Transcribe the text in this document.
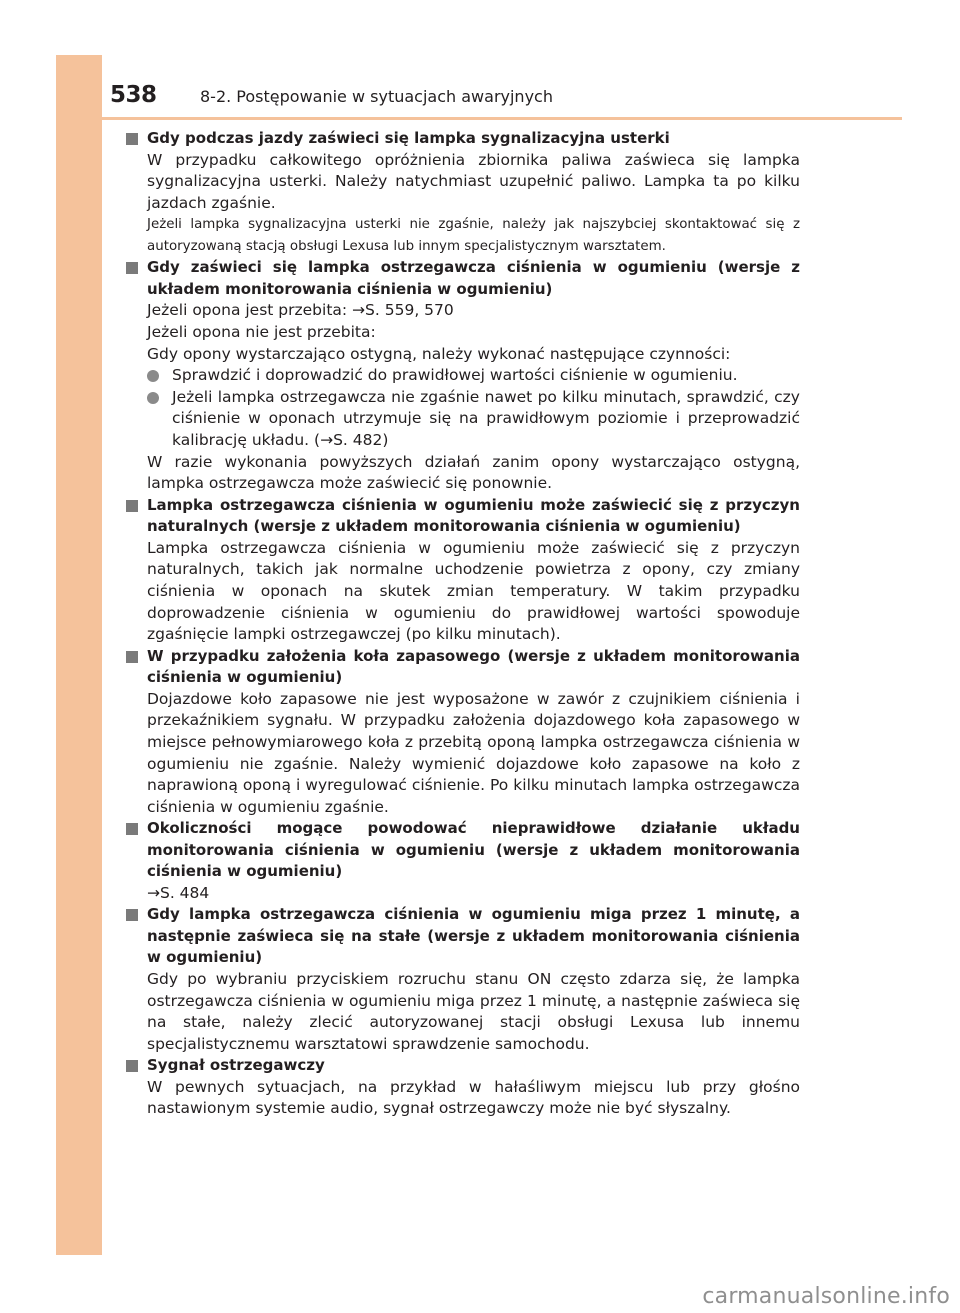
538	8-2. Postępowanie w sytuacjach awaryjnych
Gdy podczas jazdy zaświeci się lampka sygnalizacyjna usterki
W przypadku całkowitego opróżnienia zbiornika paliwa zaświeca się lampka sygnalizacyjna usterki. Należy natychmiast uzupełnić paliwo. Lampka ta po kilku jazdach zgaśnie.
Jeżeli lampka sygnalizacyjna usterki nie zgaśnie, należy jak najszybciej skontaktować się z autoryzowaną stacją obsługi Lexusa lub innym specjalistycznym warsztatem.
Gdy zaświeci się lampka ostrzegawcza ciśnienia w ogumieniu (wersje z układem monitorowania ciśnienia w ogumieniu)
Jeżeli opona jest przebita: →S. 559, 570
Jeżeli opona nie jest przebita:
Gdy opony wystarczająco ostygną, należy wykonać następujące czynności:
Sprawdzić i doprowadzić do prawidłowej wartości ciśnienie w ogumieniu.
Jeżeli lampka ostrzegawcza nie zgaśnie nawet po kilku minutach, sprawdzić, czy ciśnienie w oponach utrzymuje się na prawidłowym poziomie i przeprowadzić kalibrację układu. (→S. 482)
W razie wykonania powyższych działań zanim opony wystarczająco ostygną, lampka ostrzegawcza może zaświecić się ponownie.
Lampka ostrzegawcza ciśnienia w ogumieniu może zaświecić się z przyczyn naturalnych (wersje z układem monitorowania ciśnienia w ogumieniu)
Lampka ostrzegawcza ciśnienia w ogumieniu może zaświecić się z przyczyn naturalnych, takich jak normalne uchodzenie powietrza z opony, czy zmiany ciśnienia w oponach na skutek zmian temperatury. W takim przypadku doprowadzenie ciśnienia w ogumieniu do prawidłowej wartości spowoduje zgaśnięcie lampki ostrzegawczej (po kilku minutach).
W przypadku założenia koła zapasowego (wersje z układem monitorowania ciśnienia w ogumieniu)
Dojazdowe koło zapasowe nie jest wyposażone w zawór z czujnikiem ciśnienia i przekaźnikiem sygnału. W przypadku założenia dojazdowego koła zapasowego w miejsce pełnowymiarowego koła z przebitą oponą lampka ostrzegawcza ciśnienia w ogumieniu nie zgaśnie. Należy wymienić dojazdowe koło zapasowe na koło z naprawioną oponą i wyregulować ciśnienie. Po kilku minutach lampka ostrzegawcza ciśnienia w ogumieniu zgaśnie.
Okoliczności mogące powodować nieprawidłowe działanie układu monitorowania ciśnienia w ogumieniu (wersje z układem monitorowania ciśnienia w ogumieniu)
→S. 484
Gdy lampka ostrzegawcza ciśnienia w ogumieniu miga przez 1 minutę, a następnie zaświeca się na stałe (wersje z układem monitorowania ciśnienia w ogumieniu)
Gdy po wybraniu przyciskiem rozruchu stanu ON często zdarza się, że lampka ostrzegawcza ciśnienia w ogumieniu miga przez 1 minutę, a następnie zaświeca się na stałe, należy zlecić autoryzowanej stacji obsługi Lexusa lub innemu specjalistycznemu warsztatowi sprawdzenie samochodu.
Sygnał ostrzegawczy
W pewnych sytuacjach, na przykład w hałaśliwym miejscu lub przy głośno nastawionym systemie audio, sygnał ostrzegawczy może nie być słyszalny.
carmanualsonline.info
